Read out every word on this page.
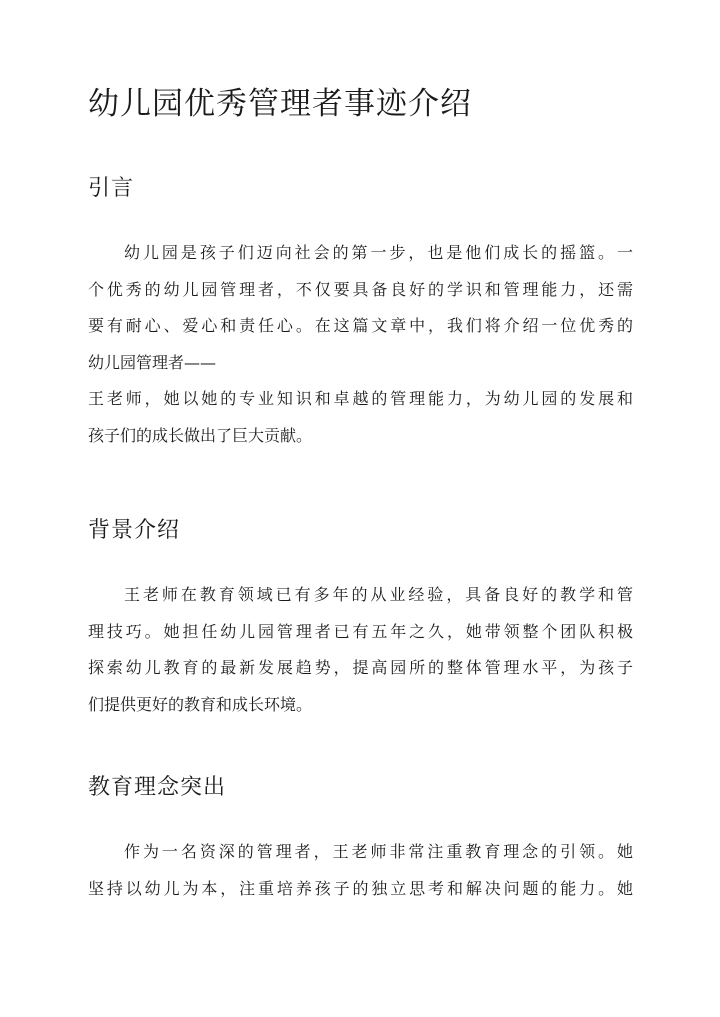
幼儿园优秀管理者事迹介绍
引言
幼儿园是孩子们迈向社会的第一步，也是他们成长的摇篮。一
个优秀的幼儿园管理者，不仅要具备良好的学识和管理能力，还需
要有耐心、爱心和责任心。在这篇文章中，我们将介绍一位优秀的
幼儿园管理者——
王老师，她以她的专业知识和卓越的管理能力，为幼儿园的发展和
孩子们的成长做出了巨大贡献。
背景介绍
王老师在教育领域已有多年的从业经验，具备良好的教学和管
理技巧。她担任幼儿园管理者已有五年之久，她带领整个团队积极
探索幼儿教育的最新发展趋势，提高园所的整体管理水平，为孩子
们提供更好的教育和成长环境。
教育理念突出
作为一名资深的管理者，王老师非常注重教育理念的引领。她
坚持以幼儿为本，注重培养孩子的独立思考和解决问题的能力。她
